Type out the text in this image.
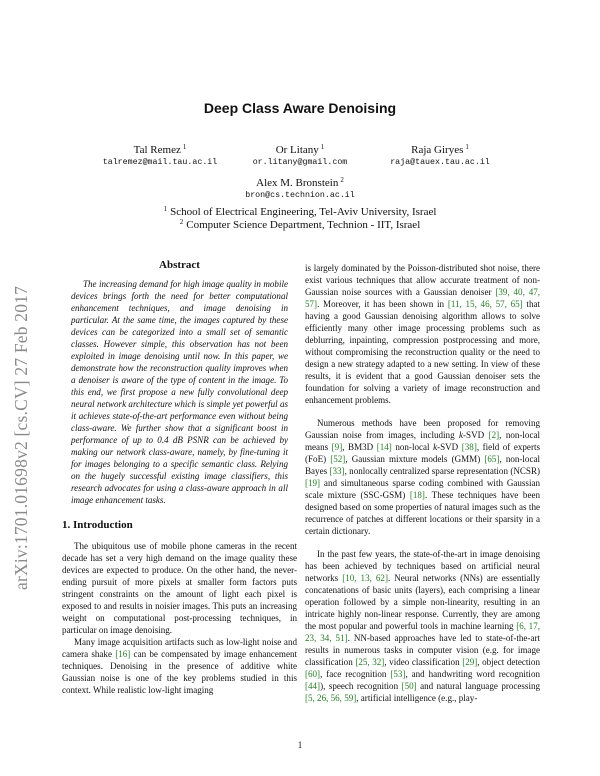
arXiv:1701.01698v2 [cs.CV] 27 Feb 2017
Deep Class Aware Denoising
Tal Remez $^1$
talremez@mail.tau.ac.il
Or Litany $^1$
or.litany@gmail.com
Raja Giryes $^1$
raja@tauex.tau.ac.il
Alex M. Bronstein $^2$
bron@cs.technion.ac.il
$^1$ School of Electrical Engineering, Tel-Aviv University, Israel
$^2$ Computer Science Department, Technion - IIT, Israel
Abstract

The increasing demand for high image quality in mobile devices brings forth the need for better computational enhancement techniques, and image denoising in particular. At the same time, the images captured by these devices can be categorized into a small set of semantic classes. However simple, this observation has not been exploited in image denoising until now. In this paper, we demonstrate how the reconstruction quality improves when a denoiser is aware of the type of content in the image. To this end, we first propose a new fully convolutional deep neural network architecture which is simple yet powerful as it achieves state-of-the-art performance even without being class-aware. We further show that a significant boost in performance of up to 0.4 dB PSNR can be achieved by making our network class-aware, namely, by fine-tuning it for images belonging to a specific semantic class. Relying on the hugely successful existing image classifiers, this research advocates for using a class-aware approach in all image enhancement tasks.

1. Introduction

The ubiquitous use of mobile phone cameras in the recent decade has set a very high demand on the image quality these devices are expected to produce. On the other hand, the never-ending pursuit of more pixels at smaller form factors puts stringent constraints on the amount of light each pixel is exposed to and results in noisier images. This puts an increasing weight on computational post-processing techniques, in particular on image denoising.

Many image acquisition artifacts such as low-light noise and camera shake [16] can be compensated by image enhancement techniques. Denoising in the presence of additive white Gaussian noise is one of the key problems studied in this context. While realistic low-light imaging

is largely dominated by the Poisson-distributed shot noise, there exist various techniques that allow accurate treatment of non-Gaussian noise sources with a Gaussian denoiser [39, 40, 47, 57]. Moreover, it has been shown in [11, 15, 46, 57, 65] that having a good Gaussian denoising algorithm allows to solve efficiently many other image processing problems such as deblurring, inpainting, compression postprocessing and more, without compromising the reconstruction quality or the need to design a new strategy adapted to a new setting. In view of these results, it is evident that a good Gaussian denoiser sets the foundation for solving a variety of image reconstruction and enhancement problems.

Numerous methods have been proposed for removing Gaussian noise from images, including k-SVD [2], non-local means [9], BM3D [14] non-local k-SVD [38], field of experts (FoE) [52], Gaussian mixture models (GMM) [65], non-local Bayes [33], nonlocally centralized sparse representation (NCSR) [19] and simultaneous sparse coding combined with Gaussian scale mixture (SSC-GSM) [18]. These techniques have been designed based on some properties of natural images such as the recurrence of patches at different locations or their sparsity in a certain dictionary.

In the past few years, the state-of-the-art in image denoising has been achieved by techniques based on artificial neural networks [10, 13, 62]. Neural networks (NNs) are essentially concatenations of basic units (layers), each comprising a linear operation followed by a simple non-linearity, resulting in an intricate highly non-linear response. Currently, they are among the most popular and powerful tools in machine learning [6, 17, 23, 34, 51]. NN-based approaches have led to state-of-the-art results in numerous tasks in computer vision (e.g. for image classification [25, 32], video classification [29], object detection [60], face recognition [53], and handwriting word recognition [44]), speech recognition [50] and natural language processing [5, 26, 56, 59], artificial intelligence (e.g., play-

1
